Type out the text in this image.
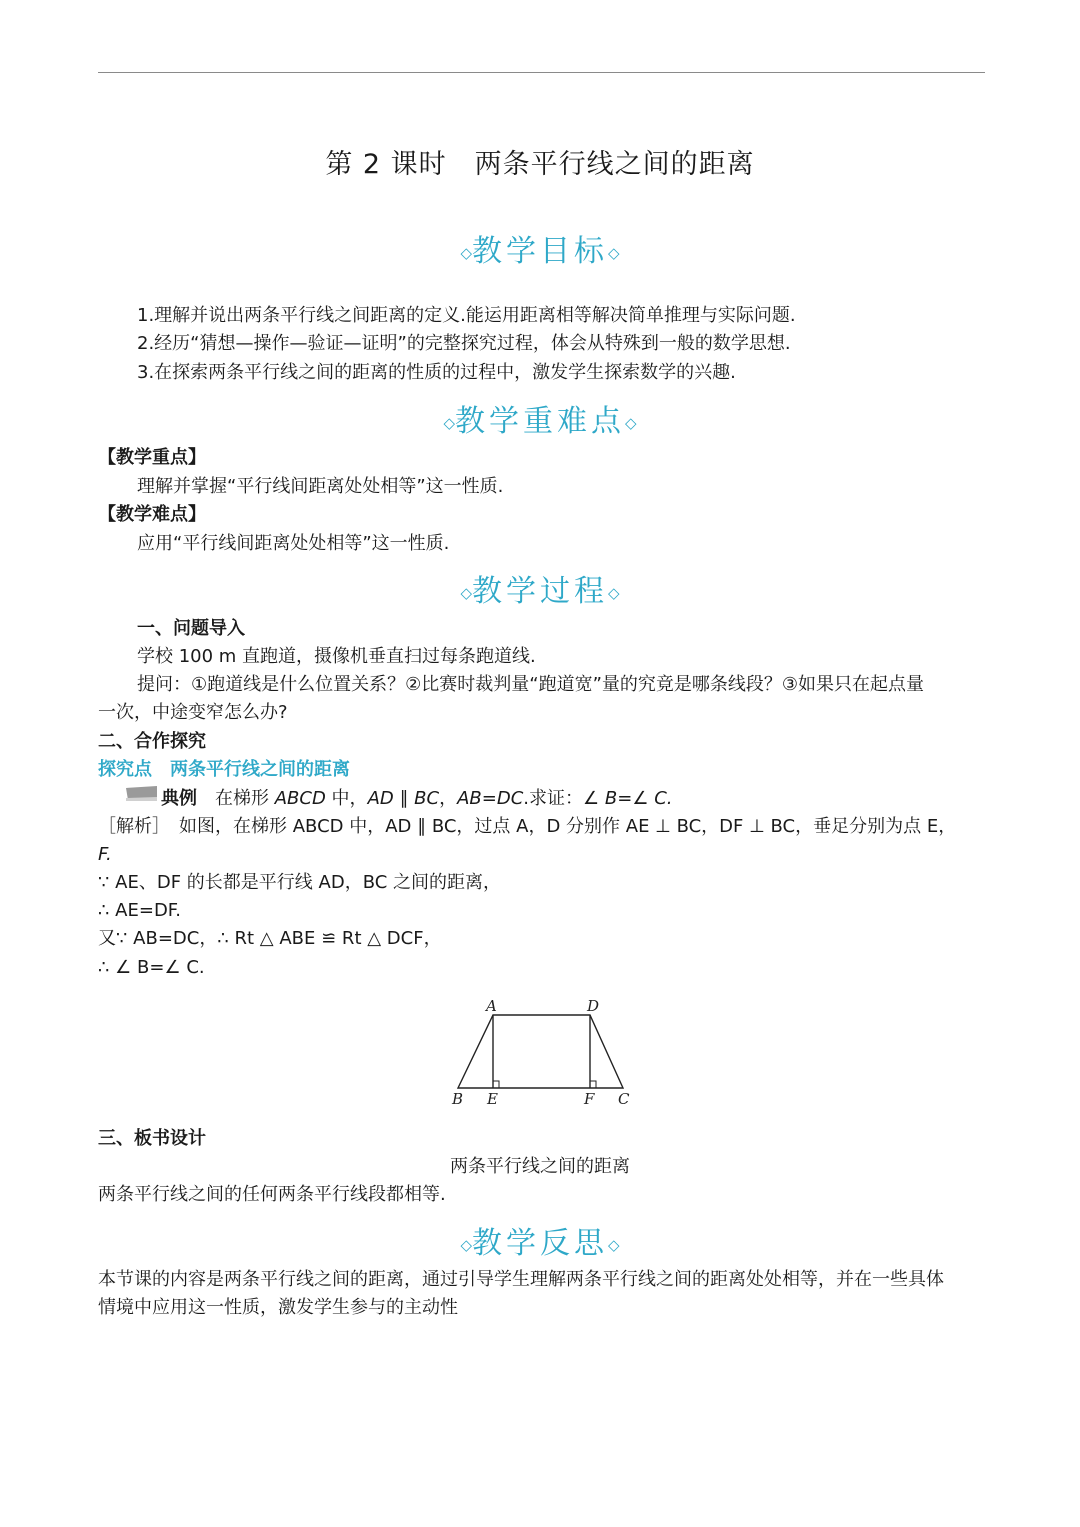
第 2 课时　两条平行线之间的距离
◇教学目标◇
1.理解并说出两条平行线之间距离的定义.能运用距离相等解决简单推理与实际问题.
2.经历“猜想—操作—验证—证明”的完整探究过程，体会从特殊到一般的数学思想.
3.在探索两条平行线之间的距离的性质的过程中，激发学生探索数学的兴趣.
◇教学重难点◇
【教学重点】
理解并掌握“平行线间距离处处相等”这一性质.
【教学难点】
应用“平行线间距离处处相等”这一性质.
◇教学过程◇
一、问题导入
学校 100 m 直跑道，摄像机垂直扫过每条跑道线.
提问：①跑道线是什么位置关系？②比赛时裁判量“跑道宽”量的究竟是哪条线段？③如果只在起点量
一次，中途变窄怎么办?
二、合作探究
探究点　两条平行线之间的距离
典例　 在梯形 ABCD 中，AD ∥ BC，AB=DC.求证：∠ B=∠ C.
［解析］　如图，在梯形 ABCD 中，AD ∥ BC，过点 A，D 分别作 AE ⊥ BC，DF ⊥ BC，垂足分别为点 E，
F.
∵ AE、DF 的长都是平行线 AD，BC 之间的距离，
∴ AE=DF.
又∵ AB=DC，∴ Rt △ ABE ≌ Rt △ DCF，
∴ ∠ B=∠ C.
A	D
B E	F C
三、板书设计
两条平行线之间的距离
两条平行线之间的任何两条平行线段都相等.
◇教学反思◇
本节课的内容是两条平行线之间的距离，通过引导学生理解两条平行线之间的距离处处相等，并在一些具体
情境中应用这一性质，激发学生参与的主动性
